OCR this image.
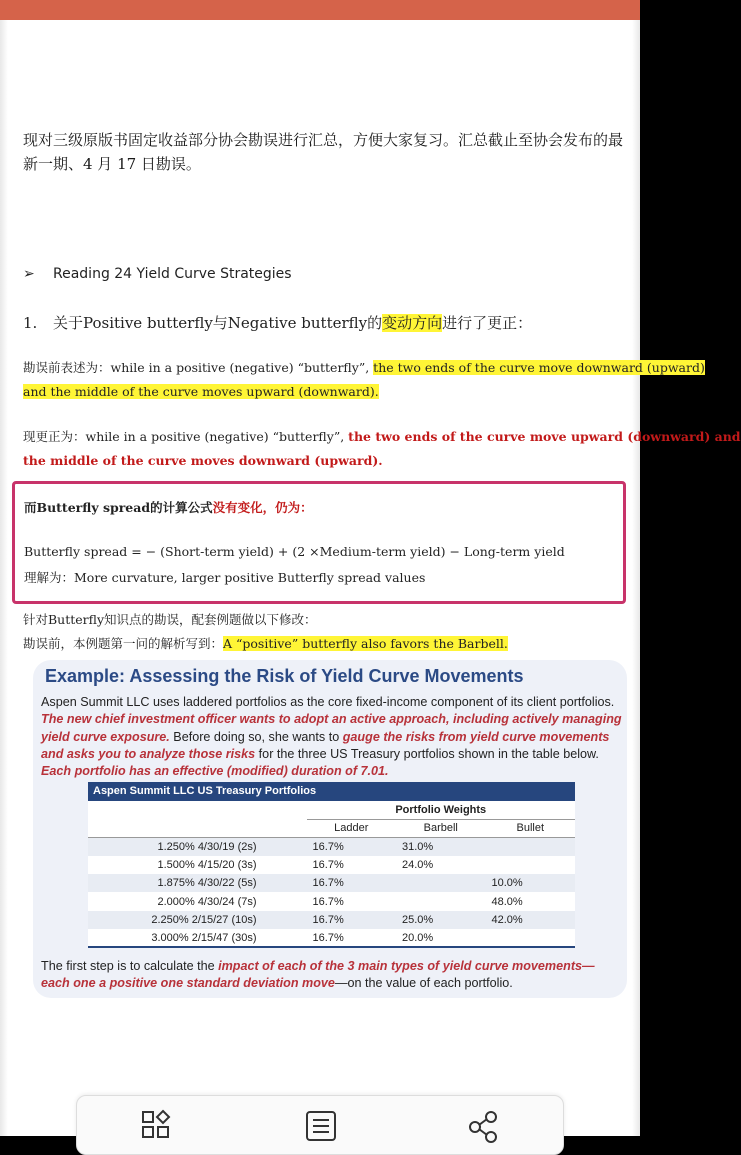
现对三级原版书固定收益部分协会勘误进行汇总，方便大家复习。汇总截止至协会发布的最
新一期、4 月 17 日勘误。
➢ Reading 24 Yield Curve Strategies
1. 关于Positive butterfly与Negative butterfly的变动方向进行了更正：
勘误前表述为：while in a positive (negative) “butterfly”, the two ends of the curve move downward (upward)
and the middle of the curve moves upward (downward).
现更正为：while in a positive (negative) “butterfly”, the two ends of the curve move upward (downward) and
the middle of the curve moves downward (upward).
而Butterfly spread的计算公式没有变化，仍为：
Butterfly spread = − (Short-term yield) + (2 ×Medium-term yield) − Long-term yield
理解为：More curvature, larger positive Butterfly spread values
针对Butterfly知识点的勘误，配套例题做以下修改：
勘误前，本例题第一问的解析写到：A “positive” butterfly also favors the Barbell.
Example: Assessing the Risk of Yield Curve Movements
Aspen Summit LLC uses laddered portfolios as the core fixed-income component of its client portfolios. The new chief investment officer wants to adopt an active approach, including actively managing yield curve exposure. Before doing so, she wants to gauge the risks from yield curve movements and asks you to analyze those risks for the three US Treasury portfolios shown in the table below. Each portfolio has an effective (modified) duration of 7.01.
Aspen Summit LLC US Treasury Portfolios
	Portfolio Weights		
	Ladder	Barbell	Bullet
1.250% 4/30/19 (2s)	16.7%	31.0%	
1.500% 4/15/20 (3s)	16.7%	24.0%	
1.875% 4/30/22 (5s)	16.7%		10.0%
2.000% 4/30/24 (7s)	16.7%		48.0%
2.250% 2/15/27 (10s)	16.7%	25.0%	42.0%
3.000% 2/15/47 (30s)	16.7%	20.0%	
The first step is to calculate the impact of each of the 3 main types of yield curve movements—each one a positive one standard deviation move—on the value of each portfolio.
